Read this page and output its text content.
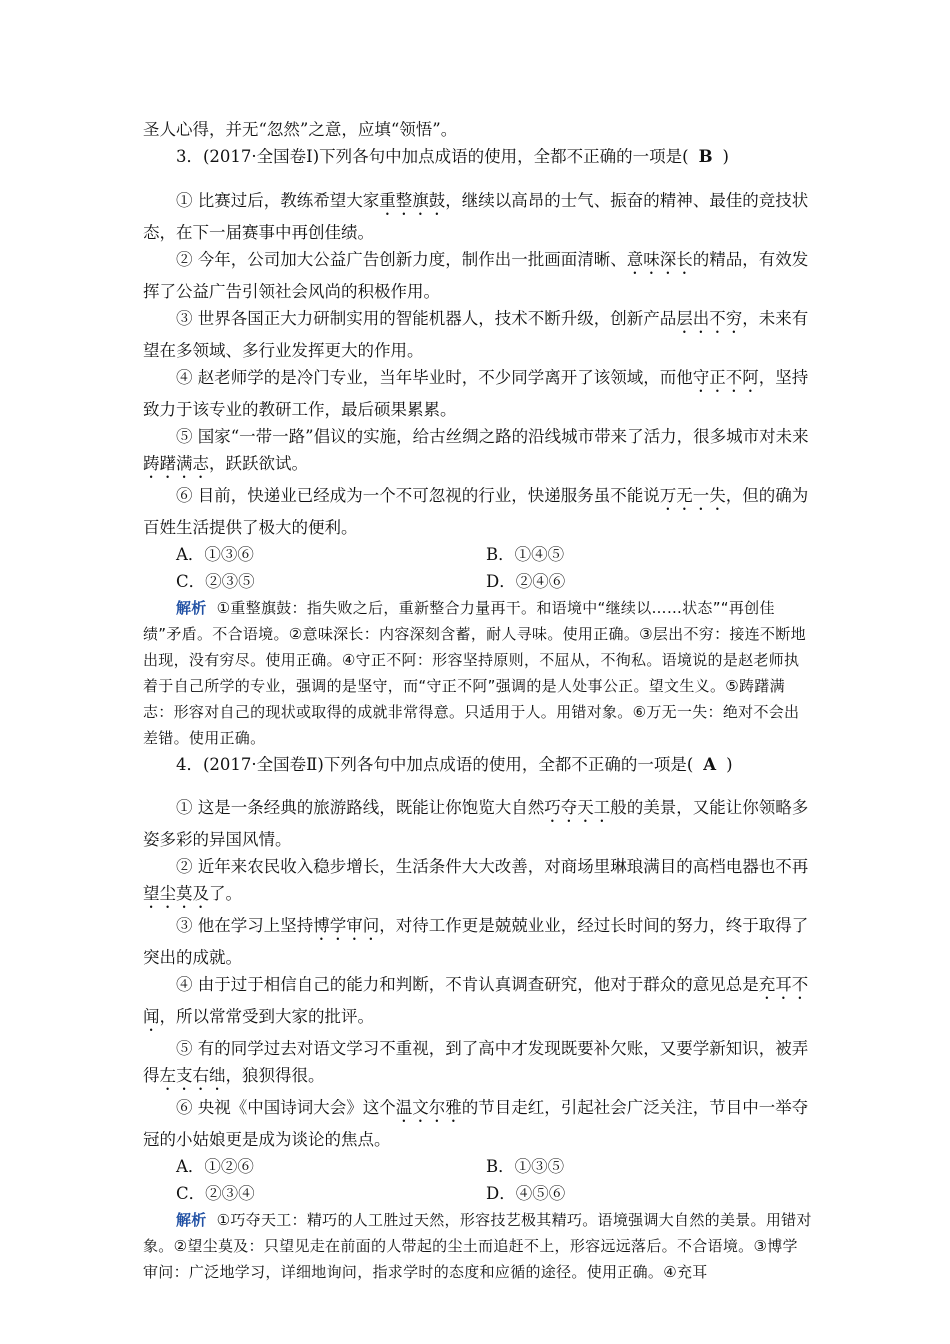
圣人心得，并无“忽然”之意，应填“领悟”。

3．(2017·全国卷Ⅰ)下列各句中加点成语的使用，全都不正确的一项是( B )

① 比赛过后，教练希望大家重整旗鼓，继续以高昂的士气、振奋的精神、最佳的竞技状态，在下一届赛事中再创佳绩。

② 今年，公司加大公益广告创新力度，制作出一批画面清晰、意味深长的精品，有效发挥了公益广告引领社会风尚的积极作用。

③ 世界各国正大力研制实用的智能机器人，技术不断升级，创新产品层出不穷，未来有望在多领域、多行业发挥更大的作用。

④ 赵老师学的是冷门专业，当年毕业时，不少同学离开了该领域，而他守正不阿，坚持致力于该专业的教研工作，最后硕果累累。

⑤ 国家“一带一路”倡议的实施，给古丝绸之路的沿线城市带来了活力，很多城市对未来踌躇满志，跃跃欲试。

⑥ 目前，快递业已经成为一个不可忽视的行业，快递服务虽不能说万无一失，但的确为百姓生活提供了极大的便利。

A．①③⑥	B．①④⑤
C．②③⑤	D．②④⑥

解析 ①重整旗鼓：指失败之后，重新整合力量再干。和语境中“继续以……状态”“再创佳绩”矛盾。不合语境。②意味深长：内容深刻含蓄，耐人寻味。使用正确。③层出不穷：接连不断地出现，没有穷尽。使用正确。④守正不阿：形容坚持原则，不屈从，不徇私。语境说的是赵老师执着于自己所学的专业，强调的是坚守，而“守正不阿”强调的是人处事公正。望文生义。⑤踌躇满志：形容对自己的现状或取得的成就非常得意。只适用于人。用错对象。⑥万无一失：绝对不会出差错。使用正确。

4．(2017·全国卷Ⅱ)下列各句中加点成语的使用，全都不正确的一项是( A )

① 这是一条经典的旅游路线，既能让你饱览大自然巧夺天工般的美景，又能让你领略多姿多彩的异国风情。

② 近年来农民收入稳步增长，生活条件大大改善，对商场里琳琅满目的高档电器也不再望尘莫及了。

③ 他在学习上坚持博学审问，对待工作更是兢兢业业，经过长时间的努力，终于取得了突出的成就。

④ 由于过于相信自己的能力和判断，不肯认真调查研究，他对于群众的意见总是充耳不闻，所以常常受到大家的批评。

⑤ 有的同学过去对语文学习不重视，到了高中才发现既要补欠账，又要学新知识，被弄得左支右绌，狼狈得很。

⑥ 央视《中国诗词大会》这个温文尔雅的节目走红，引起社会广泛关注，节目中一举夺冠的小姑娘更是成为谈论的焦点。

A．①②⑥	B．①③⑤
C．②③④	D．④⑤⑥

解析 ①巧夺天工：精巧的人工胜过天然，形容技艺极其精巧。语境强调大自然的美景。用错对象。②望尘莫及：只望见走在前面的人带起的尘土而追赶不上，形容远远落后。不合语境。③博学审问：广泛地学习，详细地询问，指求学时的态度和应循的途径。使用正确。④充耳
